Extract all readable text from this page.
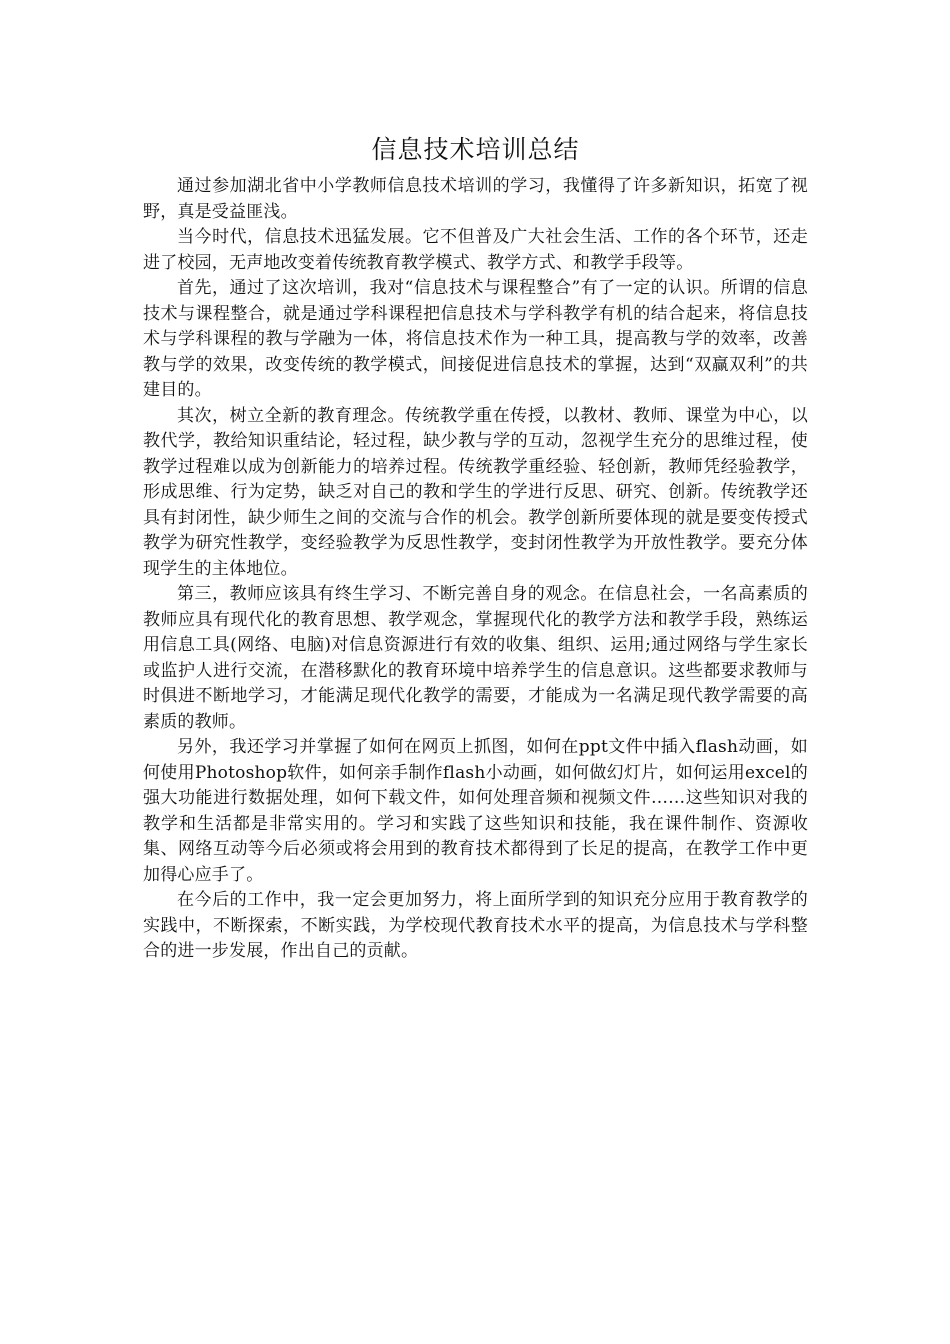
信息技术培训总结

通过参加湖北省中小学教师信息技术培训的学习，我懂得了许多新知识，拓宽了视野，真是受益匪浅。

当今时代，信息技术迅猛发展。它不但普及广大社会生活、工作的各个环节，还走进了校园，无声地改变着传统教育教学模式、教学方式、和教学手段等。

首先，通过了这次培训，我对“信息技术与课程整合”有了一定的认识。所谓的信息技术与课程整合，就是通过学科课程把信息技术与学科教学有机的结合起来，将信息技术与学科课程的教与学融为一体，将信息技术作为一种工具，提高教与学的效率，改善教与学的效果，改变传统的教学模式，间接促进信息技术的掌握，达到“双赢双利”的共建目的。

其次，树立全新的教育理念。传统教学重在传授，以教材、教师、课堂为中心，以教代学，教给知识重结论，轻过程，缺少教与学的互动，忽视学生充分的思维过程，使教学过程难以成为创新能力的培养过程。传统教学重经验、轻创新，教师凭经验教学，形成思维、行为定势，缺乏对自己的教和学生的学进行反思、研究、创新。传统教学还具有封闭性，缺少师生之间的交流与合作的机会。教学创新所要体现的就是要变传授式教学为研究性教学，变经验教学为反思性教学，变封闭性教学为开放性教学。要充分体现学生的主体地位。

第三，教师应该具有终生学习、不断完善自身的观念。在信息社会，一名高素质的教师应具有现代化的教育思想、教学观念，掌握现代化的教学方法和教学手段，熟练运用信息工具(网络、电脑)对信息资源进行有效的收集、组织、运用;通过网络与学生家长或监护人进行交流，在潜移默化的教育环境中培养学生的信息意识。这些都要求教师与时俱进不断地学习，才能满足现代化教学的需要，才能成为一名满足现代教学需要的高素质的教师。

另外，我还学习并掌握了如何在网页上抓图，如何在ppt文件中插入flash动画，如何使用Photoshop软件，如何亲手制作flash小动画，如何做幻灯片，如何运用excel的强大功能进行数据处理，如何下载文件，如何处理音频和视频文件……这些知识对我的教学和生活都是非常实用的。学习和实践了这些知识和技能，我在课件制作、资源收集、网络互动等今后必须或将会用到的教育技术都得到了长足的提高，在教学工作中更加得心应手了。

在今后的工作中，我一定会更加努力，将上面所学到的知识充分应用于教育教学的实践中，不断探索，不断实践，为学校现代教育技术水平的提高，为信息技术与学科整合的进一步发展，作出自己的贡献。
